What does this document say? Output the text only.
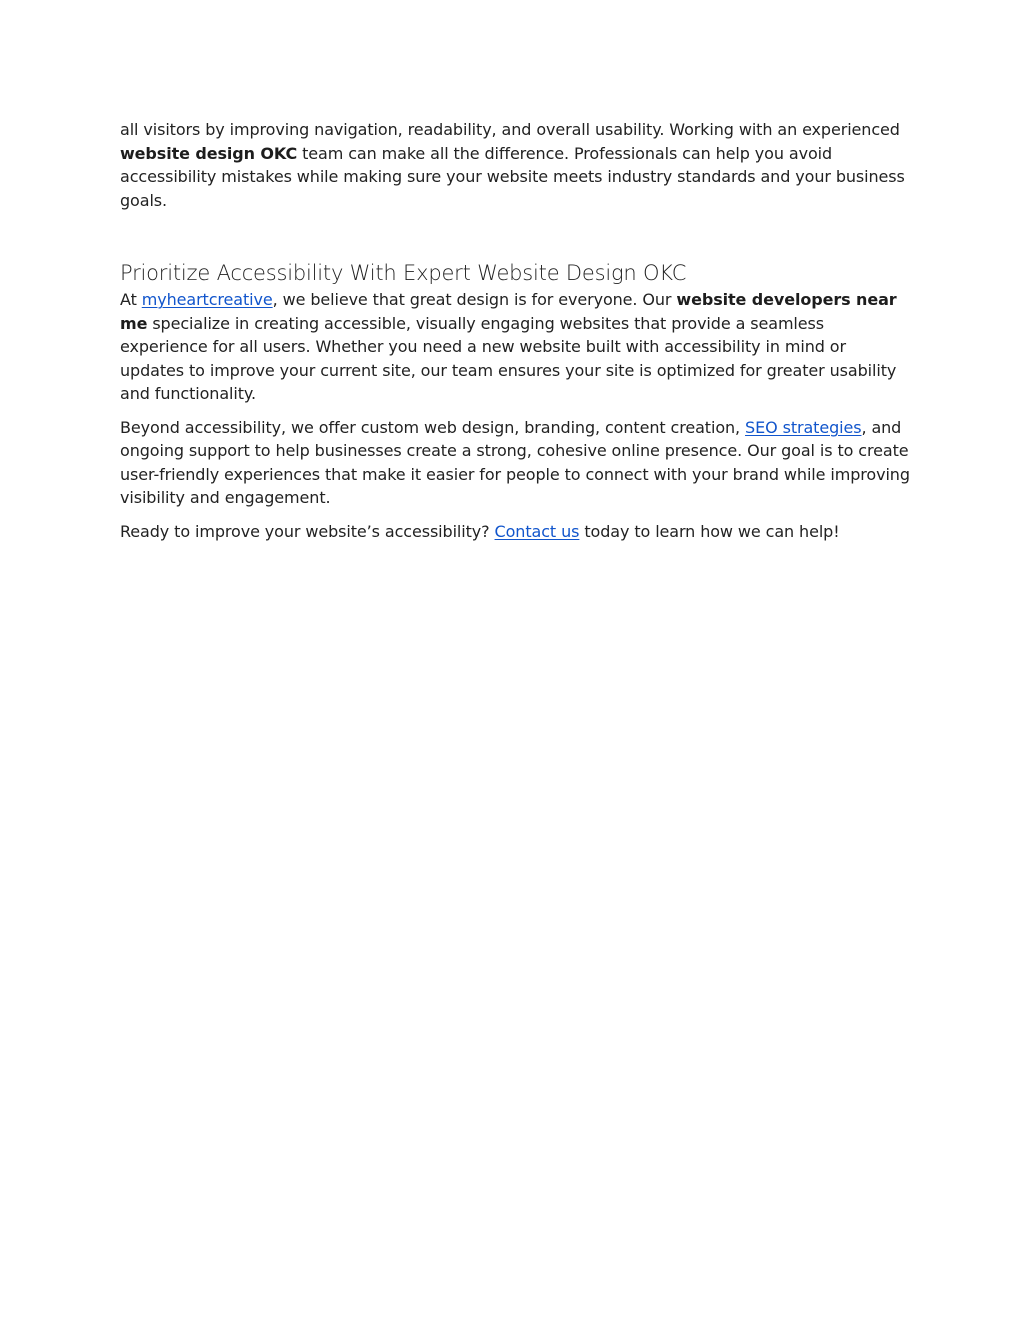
all visitors by improving navigation, readability, and overall usability. Working with an experienced website design OKC team can make all the difference. Professionals can help you avoid accessibility mistakes while making sure your website meets industry standards and your business goals.

Prioritize Accessibility With Expert Website Design OKC

At myheartcreative, we believe that great design is for everyone. Our website developers near me specialize in creating accessible, visually engaging websites that provide a seamless experience for all users. Whether you need a new website built with accessibility in mind or updates to improve your current site, our team ensures your site is optimized for greater usability and functionality.

Beyond accessibility, we offer custom web design, branding, content creation, SEO strategies, and ongoing support to help businesses create a strong, cohesive online presence. Our goal is to create user-friendly experiences that make it easier for people to connect with your brand while improving visibility and engagement.

Ready to improve your website’s accessibility? Contact us today to learn how we can help!
